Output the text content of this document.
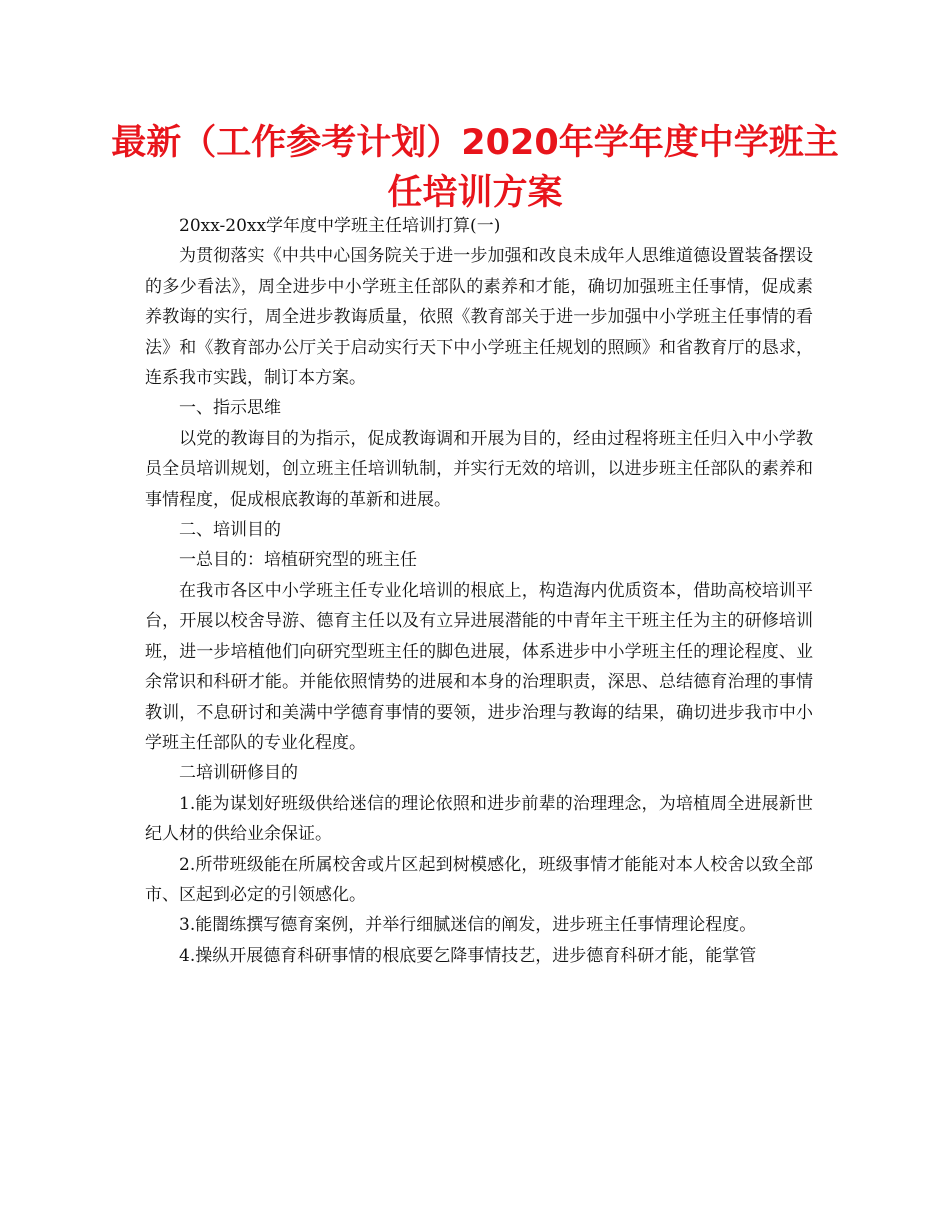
最新（工作参考计划）2020年学年度中学班主任培训方案

20xx-20xx学年度中学班主任培训打算(一)

为贯彻落实《中共中心国务院关于进一步加强和改良未成年人思维道德设置装备摆设的多少看法》，周全进步中小学班主任部队的素养和才能，确切加强班主任事情，促成素养教诲的实行，周全进步教诲质量，依照《教育部关于进一步加强中小学班主任事情的看法》和《教育部办公厅关于启动实行天下中小学班主任规划的照顾》和省教育厅的恳求，连系我市实践，制订本方案。

一、指示思维

以党的教诲目的为指示，促成教诲调和开展为目的，经由过程将班主任归入中小学教员全员培训规划，创立班主任培训轨制，并实行无效的培训，以进步班主任部队的素养和事情程度，促成根底教诲的革新和进展。

二、培训目的

一总目的：培植研究型的班主任

在我市各区中小学班主任专业化培训的根底上，构造海内优质资本，借助高校培训平台，开展以校舍导游、德育主任以及有立异进展潜能的中青年主干班主任为主的研修培训班，进一步培植他们向研究型班主任的脚色进展，体系进步中小学班主任的理论程度、业余常识和科研才能。并能依照情势的进展和本身的治理职责，深思、总结德育治理的事情教训，不息研讨和美满中学德育事情的要领，进步治理与教诲的结果，确切进步我市中小学班主任部队的专业化程度。

二培训研修目的

1.能为谋划好班级供给迷信的理论依照和进步前辈的治理理念，为培植周全进展新世纪人材的供给业余保证。

2.所带班级能在所属校舍或片区起到树模感化，班级事情才能能对本人校舍以致全部市、区起到必定的引领感化。

3.能闇练撰写德育案例，并举行细腻迷信的阐发，进步班主任事情理论程度。

4.操纵开展德育科研事情的根底要乞降事情技艺，进步德育科研才能，能掌管
